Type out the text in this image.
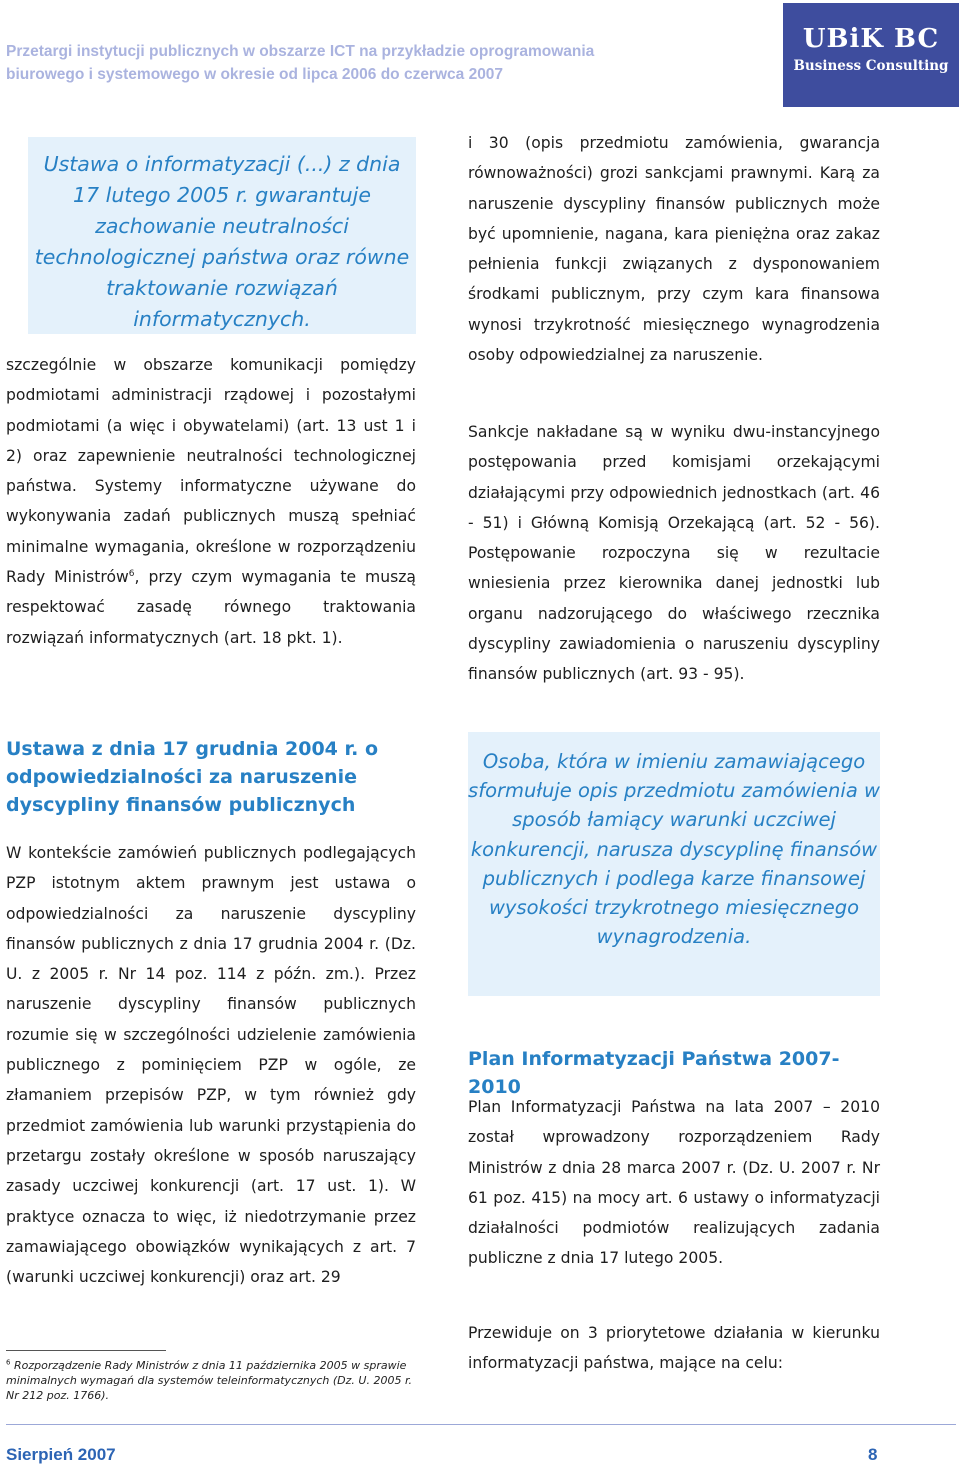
Przetargi instytucji publicznych w obszarze ICT na przykładzie oprogramowania
biurowego i systemowego w okresie od lipca 2006 do czerwca 2007
UBiK BC
Business Consulting

Ustawa o informatyzacji (...) z dnia 17 lutego 2005 r. gwarantuje zachowanie neutralności technologicznej państwa oraz równe traktowanie rozwiązań informatycznych.

szczególnie w obszarze komunikacji pomiędzy podmiotami administracji rządowej i pozostałymi podmiotami (a więc i obywatelami) (art. 13 ust 1 i 2) oraz zapewnienie neutralności technologicznej państwa. Systemy informatyczne używane do wykonywania zadań publicznych muszą spełniać minimalne wymagania, określone w rozporządzeniu Rady Ministrów$^6$, przy czym wymagania te muszą respektować zasadę równego traktowania rozwiązań informatycznych (art. 18 pkt. 1).

Ustawa z dnia 17 grudnia 2004 r. o odpowiedzialności za naruszenie dyscypliny finansów publicznych

W kontekście zamówień publicznych podlegających PZP istotnym aktem prawnym jest ustawa o odpowiedzialności za naruszenie dyscypliny finansów publicznych z dnia 17 grudnia 2004 r. (Dz. U. z 2005 r. Nr 14 poz. 114 z późn. zm.). Przez naruszenie dyscypliny finansów publicznych rozumie się w szczególności udzielenie zamówienia publicznego z pominięciem PZP w ogóle, ze złamaniem przepisów PZP, w tym również gdy przedmiot zamówienia lub warunki przystąpienia do przetargu zostały określone w sposób naruszający zasady uczciwej konkurencji (art. 17 ust. 1). W praktyce oznacza to więc, iż niedotrzymanie przez zamawiającego obowiązków wynikających z art. 7 (warunki uczciwej konkurencji) oraz art. 29

$^6$ Rozporządzenie Rady Ministrów z dnia 11 października 2005 w sprawie minimalnych wymagań dla systemów teleinformatycznych (Dz. U. 2005 r. Nr 212 poz. 1766).

i 30 (opis przedmiotu zamówienia, gwarancja równoważności) grozi sankcjami prawnymi. Karą za naruszenie dyscypliny finansów publicznych może być upomnienie, nagana, kara pieniężna oraz zakaz pełnienia funkcji związanych z dysponowaniem środkami publicznym, przy czym kara finansowa wynosi trzykrotność miesięcznego wynagrodzenia osoby odpowiedzialnej za naruszenie.

Sankcje nakładane są w wyniku dwu-instancyjnego postępowania przed komisjami orzekającymi działającymi przy odpowiednich jednostkach (art. 46 - 51) i Główną Komisją Orzekającą (art. 52 - 56). Postępowanie rozpoczyna się w rezultacie wniesienia przez kierownika danej jednostki lub organu nadzorującego do właściwego rzecznika dyscypliny zawiadomienia o naruszeniu dyscypliny finansów publicznych (art. 93 - 95).

Osoba, która w imieniu zamawiającego sformułuje opis przedmiotu zamówienia w sposób łamiący warunki uczciwej konkurencji, narusza dyscyplinę finansów publicznych i podlega karze finansowej wysokości trzykrotnego miesięcznego wynagrodzenia.

Plan Informatyzacji Państwa 2007-2010

Plan Informatyzacji Państwa na lata 2007 – 2010 został wprowadzony rozporządzeniem Rady Ministrów z dnia 28 marca 2007 r. (Dz. U. 2007 r. Nr 61 poz. 415) na mocy art. 6 ustawy o informatyzacji działalności podmiotów realizujących zadania publiczne z dnia 17 lutego 2005.

Przewiduje on 3 priorytetowe działania w kierunku informatyzacji państwa, mające na celu:

Sierpień 2007	8
